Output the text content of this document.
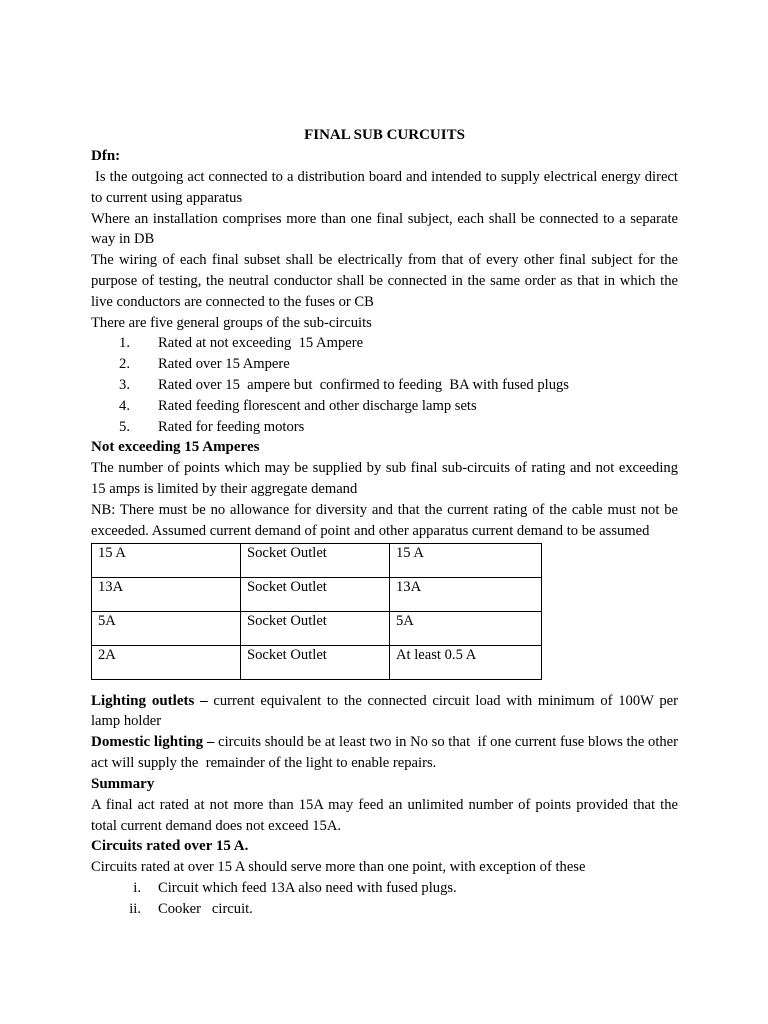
FINAL SUB CURCUITS
Dfn:

Is the outgoing act connected to a distribution board and intended to supply electrical energy direct to current using apparatus

Where an installation comprises more than one final subject, each shall be connected to a separate way in DB

The wiring of each final subset shall be electrically from that of every other final subject for the purpose of testing, the neutral conductor shall be connected in the same order as that in which the live conductors are connected to the fuses or CB

There are five general groups of the sub-circuits

1. Rated at not exceeding  15 Ampere
2. Rated over 15 Ampere
3. Rated over 15  ampere but  confirmed to feeding  BA with fused plugs
4. Rated feeding florescent and other discharge lamp sets
5. Rated for feeding motors
Not exceeding 15 Amperes

The number of points which may be supplied by sub final sub-circuits of rating and not exceeding 15 amps is limited by their aggregate demand

NB: There must be no allowance for diversity and that the current rating of the cable must not be exceeded. Assumed current demand of point and other apparatus current demand to be assumed

15 A	Socket Outlet	15 A
13A	Socket Outlet	13A
5A	Socket Outlet	5A
2A	Socket Outlet	At least 0.5 A

Lighting outlets – current equivalent to the connected circuit load with minimum of 100W per lamp holder

Domestic lighting – circuits should be at least two in No so that  if one current fuse blows the other act will supply the  remainder of the light to enable repairs.

Summary

A final act rated at not more than 15A may feed an unlimited number of points provided that the total current demand does not exceed 15A.

Circuits rated over 15 A.

Circuits rated at over 15 A should serve more than one point, with exception of these

i. Circuit which feed 13A also need with fused plugs.
ii. Cooker   circuit.
